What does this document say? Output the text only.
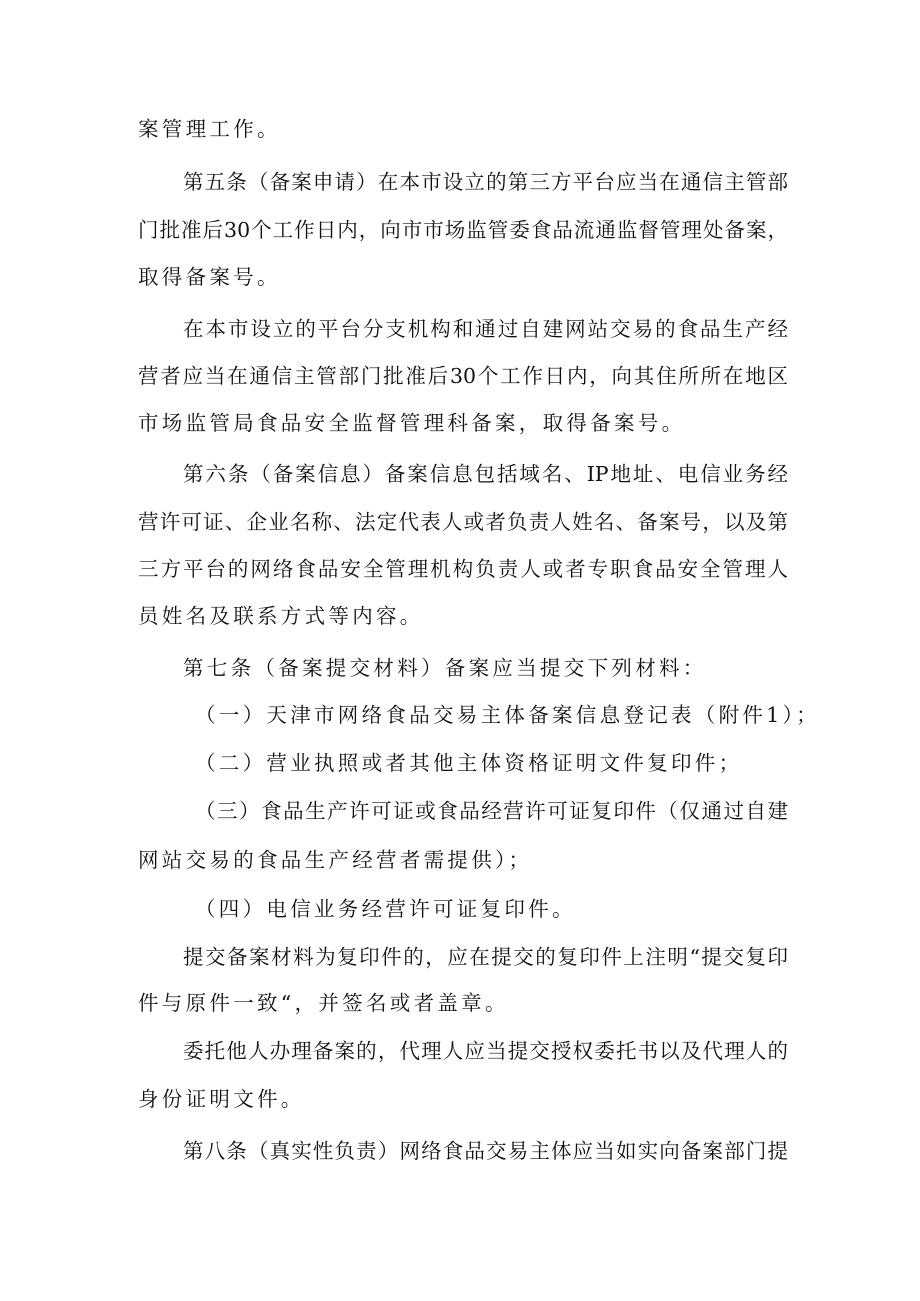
案管理工作。
第五条（备案申请）在本市设立的第三方平台应当在通信主管部
门批准后30个工作日内，向市市场监管委食品流通监督管理处备案，
取得备案号。
在本市设立的平台分支机构和通过自建网站交易的食品生产经
营者应当在通信主管部门批准后30个工作日内，向其住所所在地区
市场监管局食品安全监督管理科备案，取得备案号。
第六条（备案信息）备案信息包括域名、IP地址、电信业务经
营许可证、企业名称、法定代表人或者负责人姓名、备案号，以及第
三方平台的网络食品安全管理机构负责人或者专职食品安全管理人
员姓名及联系方式等内容。
第七条（备案提交材料）备案应当提交下列材料：
（一）天津市网络食品交易主体备案信息登记表（附件1）；
（二）营业执照或者其他主体资格证明文件复印件；
（三）食品生产许可证或食品经营许可证复印件（仅通过自建
网站交易的食品生产经营者需提供）；
（四）电信业务经营许可证复印件。
提交备案材料为复印件的，应在提交的复印件上注明“提交复印
件与原件一致“，并签名或者盖章。
委托他人办理备案的，代理人应当提交授权委托书以及代理人的
身份证明文件。
第八条（真实性负责）网络食品交易主体应当如实向备案部门提
